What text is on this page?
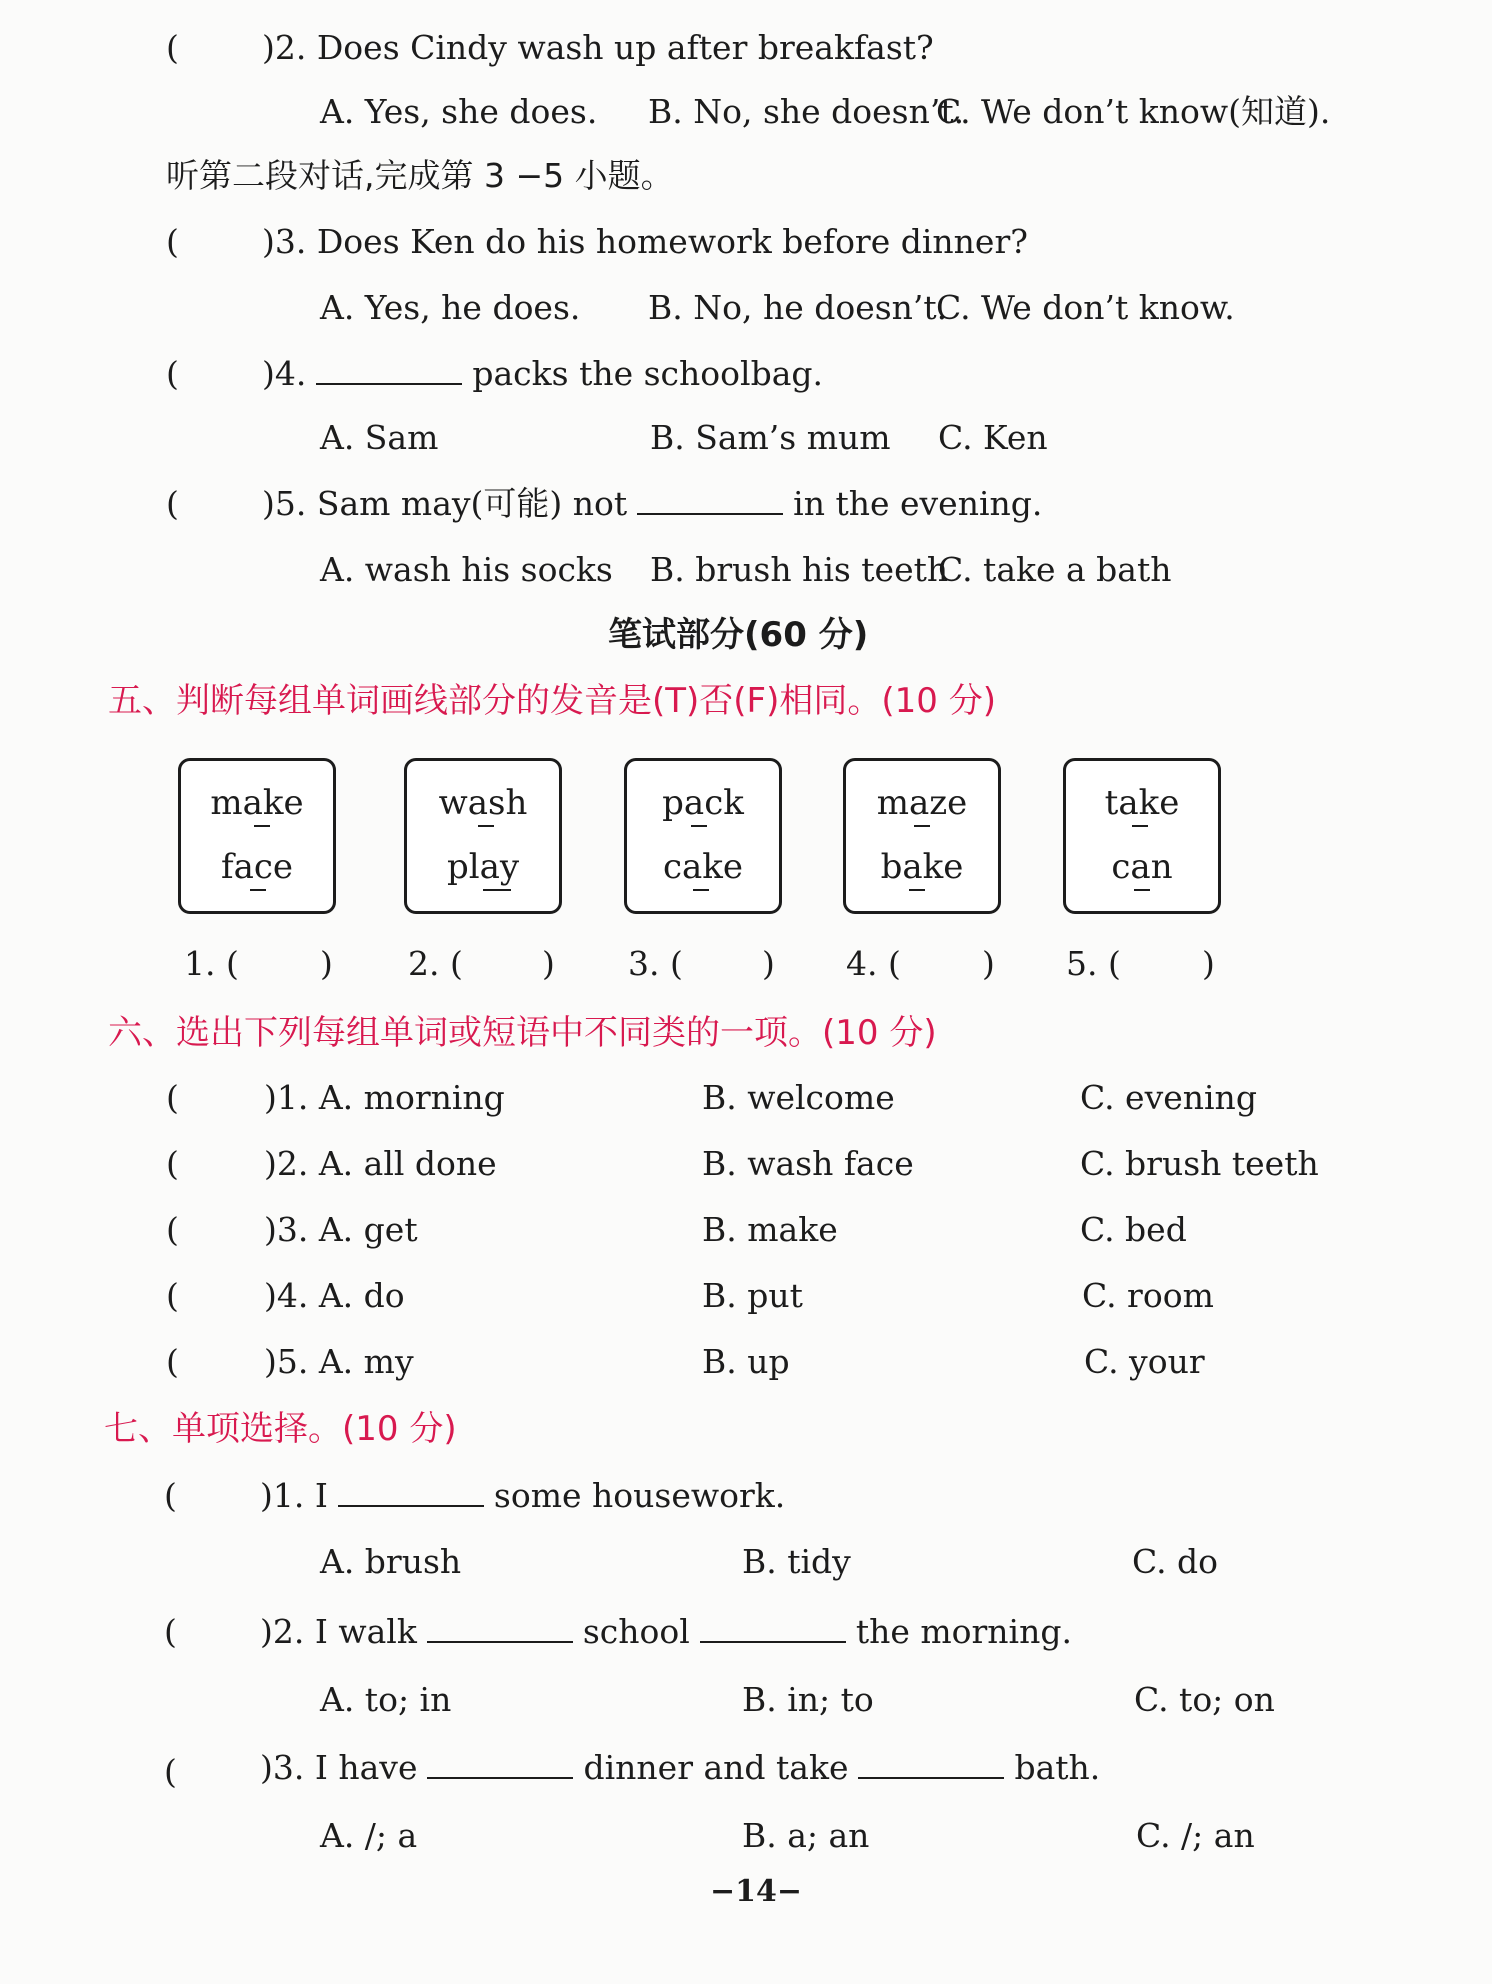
(	)2. Does Cindy wash up after breakfast?
A. Yes, she does. B. No, she doesn’t.
C. We don’t know(知道).
听第二段对话,完成第 3 −5 小题。
(	)3. Does Ken do his homework before dinner?
A. Yes, he does. B. No, he doesn’t.
C. We don’t know.
(	)4.	packs the schoolbag.
A. Sam	B. Sam’s mum C. Ken
(	)5. Sam may(可能) not	in the evening.
A. wash his socks B. brush his teeth
C. take a bath
笔试部分(60 分)
五、判断每组单词画线部分的发音是(T)否(F)相同。(10 分)
make
face
wash
play
pack
cake
maze
bake
take
can
1. ( ) 2. ( ) 3. ( ) 4. ( ) 5. ( )
六、选出下列每组单词或短语中不同类的一项。(10 分)
(	)1. A. morning	B. welcome	C. evening
(	)2. A. all done	B. wash face	C. brush teeth
(	)3. A. get	B. make	C. bed
(	)4. A. do	B. put	C. room
(	)5. A. my	B. up	C. your
七、单项选择。(10 分)
(	)1. I	some housework.
A. brush	B. tidy	C. do
(	)2. I walk	school	the morning.
A. to; in	B. in; to	C. to; on
(	)3. I have	dinner and take	bath.
A. /; a	B. a; an	C. /; an
−14−
